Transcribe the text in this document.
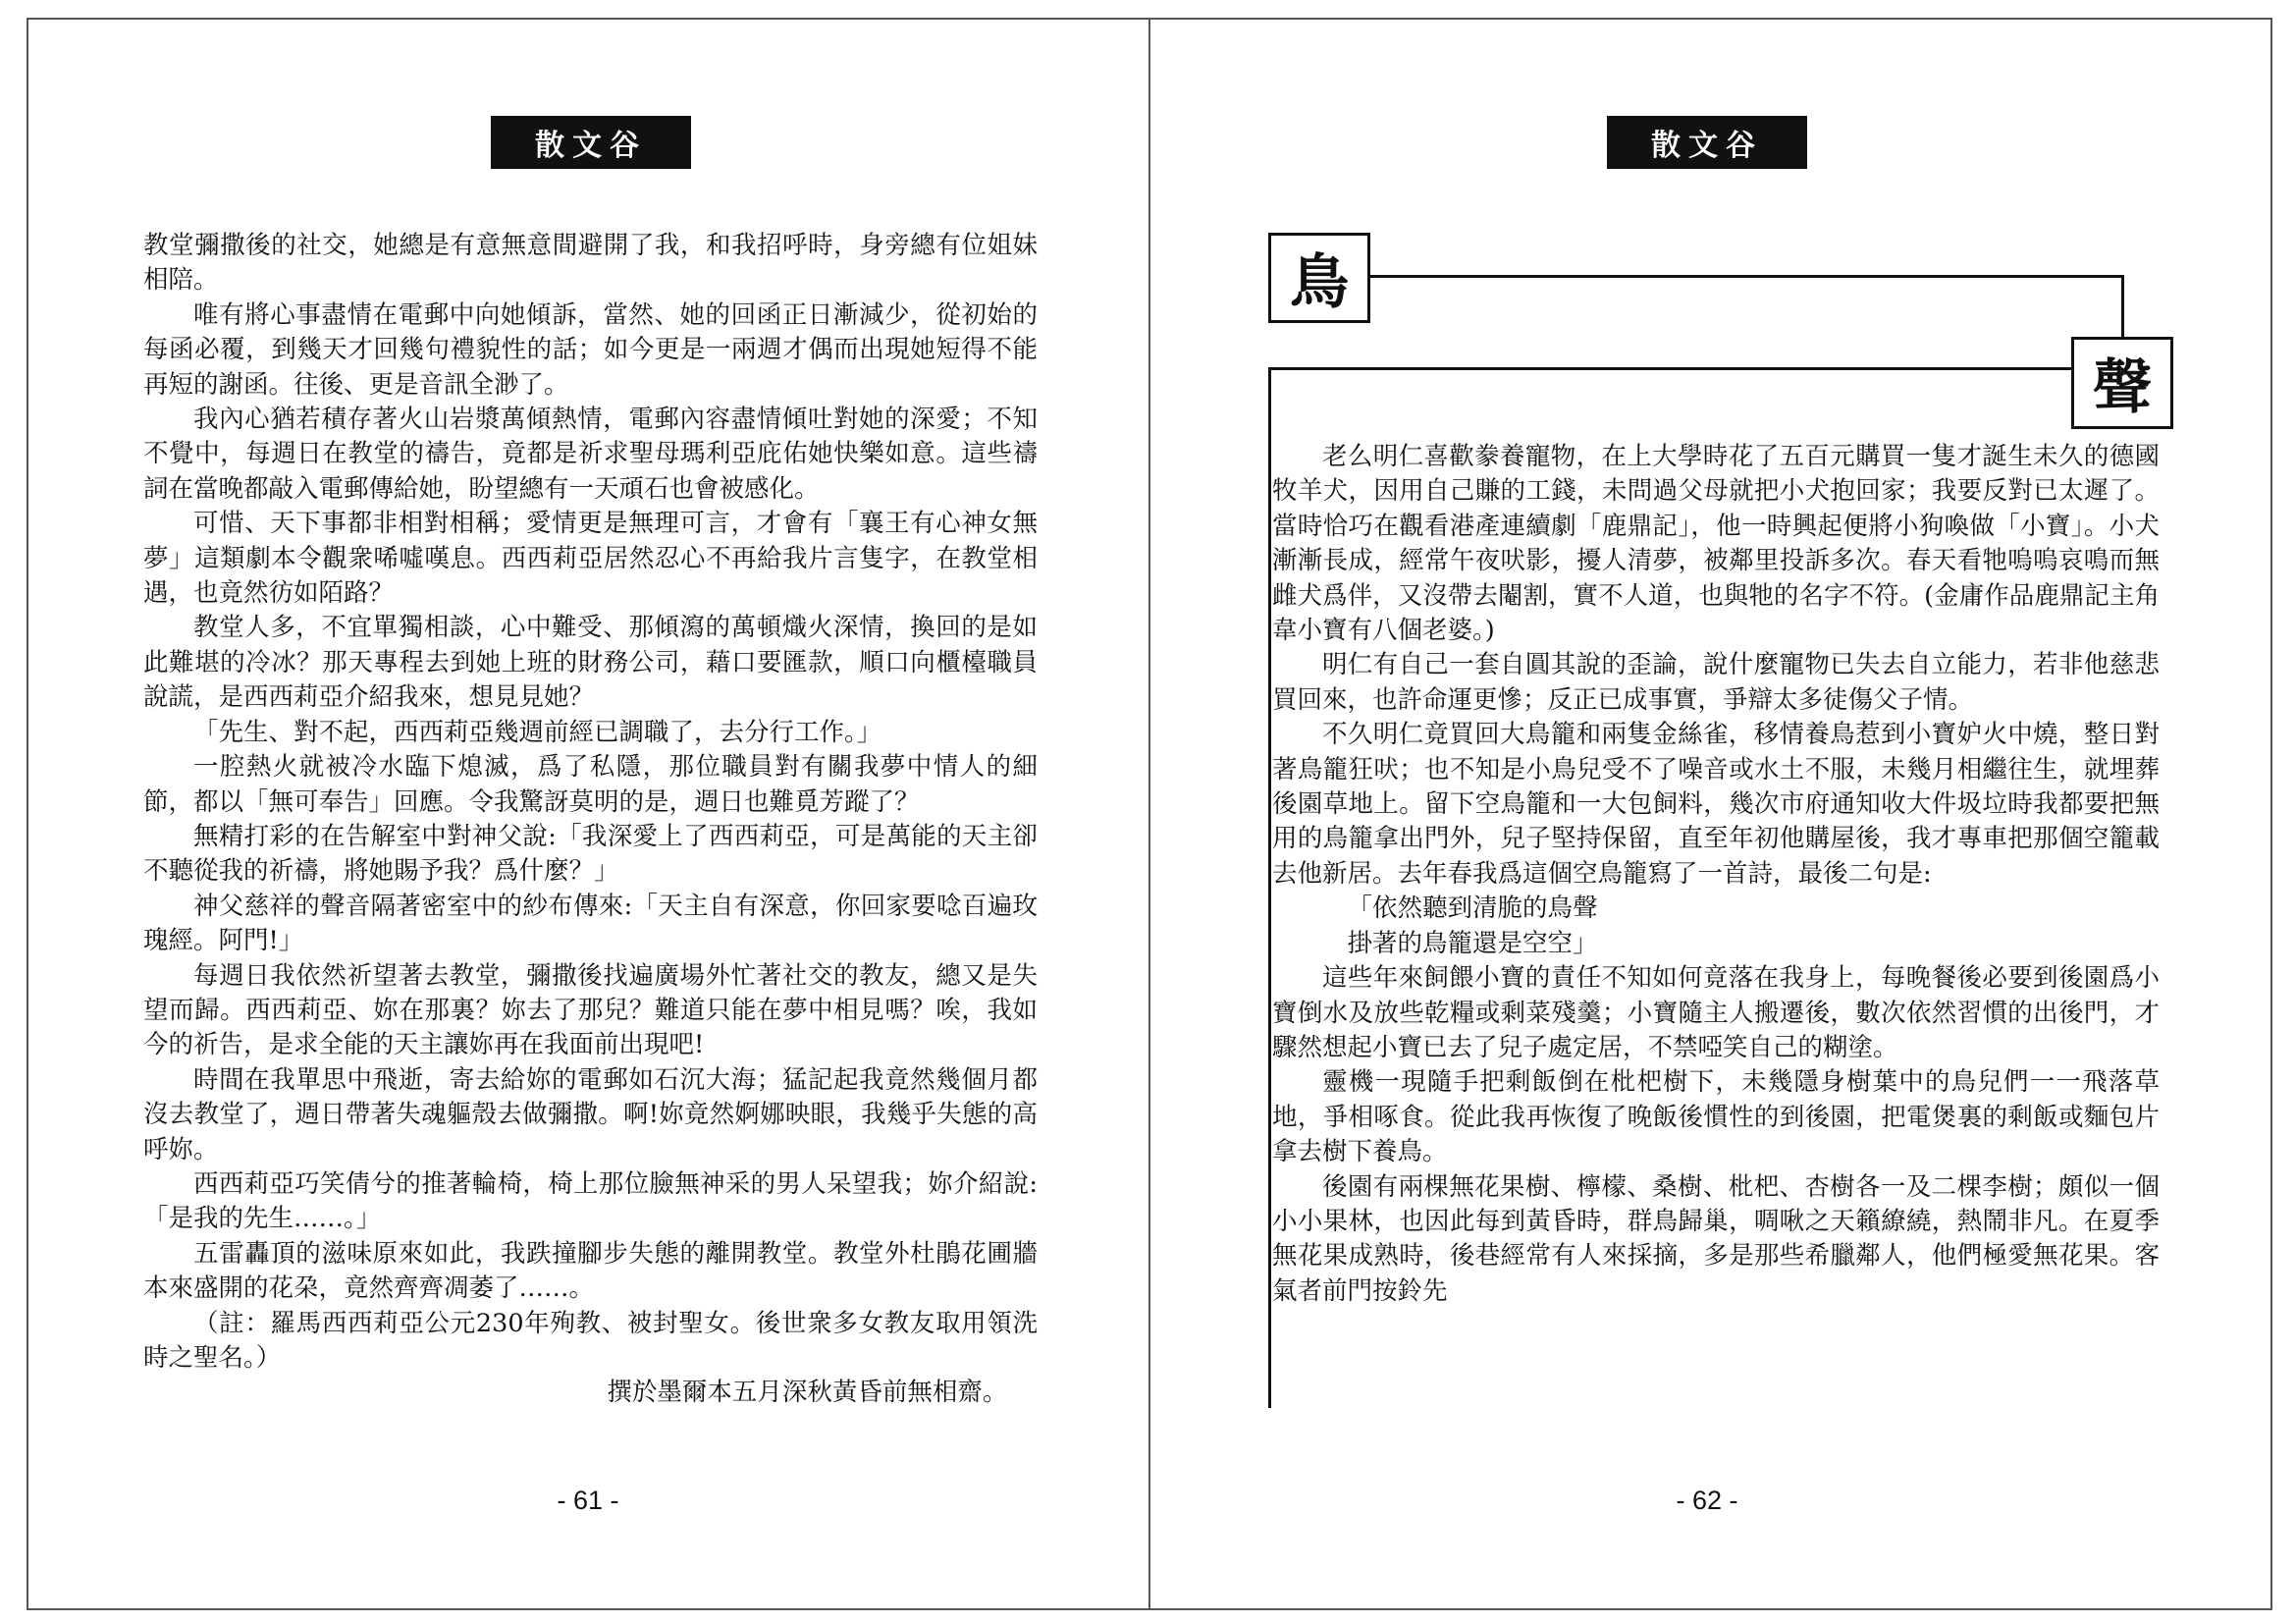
散文谷

教堂彌撒後的社交，她總是有意無意間避開了我，和我招呼時，身旁總有位姐妹相陪。

唯有將心事盡情在電郵中向她傾訴，當然、她的回函正日漸減少，從初始的每函必覆，到幾天才回幾句禮貌性的話；如今更是一兩週才偶而出現她短得不能再短的謝函。往後、更是音訊全渺了。

我內心猶若積存著火山岩漿萬傾熱情，電郵內容盡情傾吐對她的深愛；不知不覺中，每週日在教堂的禱告，竟都是祈求聖母瑪利亞庇佑她快樂如意。這些禱詞在當晚都敲入電郵傳給她，盼望總有一天頑石也會被感化。

可惜、天下事都非相對相稱；愛情更是無理可言，才會有「襄王有心神女無夢」這類劇本令觀衆唏噓嘆息。西西莉亞居然忍心不再給我片言隻字，在教堂相遇，也竟然彷如陌路？

教堂人多，不宜單獨相談，心中難受、那傾瀉的萬頓熾火深情，換回的是如此難堪的冷冰？那天專程去到她上班的財務公司，藉口要匯款，順口向櫃檯職員說謊，是西西莉亞介紹我來，想見見她？

「先生、對不起，西西莉亞幾週前經已調職了，去分行工作。」

一腔熱火就被冷水臨下熄滅，爲了私隱，那位職員對有關我夢中情人的細節，都以「無可奉告」回應。令我驚訝莫明的是，週日也難覓芳蹤了？

無精打彩的在告解室中對神父說:「我深愛上了西西莉亞，可是萬能的天主卻不聽從我的祈禱，將她賜予我？爲什麼？」

神父慈祥的聲音隔著密室中的紗布傳來:「天主自有深意，你回家要唸百遍玫瑰經。阿門!」

每週日我依然祈望著去教堂，彌撒後找遍廣場外忙著社交的教友，總又是失望而歸。西西莉亞、妳在那裏？妳去了那兒？難道只能在夢中相見嗎？唉，我如今的祈告，是求全能的天主讓妳再在我面前出現吧!

時間在我單思中飛逝，寄去給妳的電郵如石沉大海；猛記起我竟然幾個月都沒去教堂了，週日帶著失魂軀殼去做彌撒。啊!妳竟然婀娜映眼，我幾乎失態的高呼妳。

西西莉亞巧笑倩兮的推著輪椅，椅上那位臉無神采的男人呆望我；妳介紹說:「是我的先生……。」

五雷轟頂的滋味原來如此，我跌撞腳步失態的離開教堂。教堂外杜鵑花圃牆本來盛開的花朶，竟然齊齊凋萎了……。

（註：羅馬西西莉亞公元230年殉教、被封聖女。後世衆多女教友取用領洗時之聖名。）

撰於墨爾本五月深秋黃昏前無相齋。

- 61 -
散文谷
鳥
聲

老么明仁喜歡豢養寵物，在上大學時花了五百元購買一隻才誕生未久的德國牧羊犬，因用自己賺的工錢，未問過父母就把小犬抱回家；我要反對已太遲了。當時恰巧在觀看港產連續劇「鹿鼎記」，他一時興起便將小狗喚做「小寶」。小犬漸漸長成，經常午夜吠影，擾人清夢，被鄰里投訴多次。春天看牠嗚嗚哀鳴而無雌犬爲伴，又沒帶去閹割，實不人道，也與牠的名字不符。(金庸作品鹿鼎記主角韋小寶有八個老婆。)

明仁有自己一套自圓其說的歪論，說什麼寵物已失去自立能力，若非他慈悲買回來，也許命運更慘；反正已成事實，爭辯太多徒傷父子情。

不久明仁竟買回大鳥籠和兩隻金絲雀，移情養鳥惹到小寶妒火中燒，整日對著鳥籠狂吠；也不知是小鳥兒受不了噪音或水土不服，未幾月相繼往生，就埋葬後園草地上。留下空鳥籠和一大包飼料，幾次市府通知收大件圾垃時我都要把無用的鳥籠拿出門外，兒子堅持保留，直至年初他購屋後，我才專車把那個空籠載去他新居。去年春我爲這個空鳥籠寫了一首詩，最後二句是:

「依然聽到清脆的鳥聲

掛著的鳥籠還是空空」

這些年來飼餵小寶的責任不知如何竟落在我身上，每晚餐後必要到後園爲小寶倒水及放些乾糧或剩菜殘羹；小寶隨主人搬遷後，數次依然習慣的出後門，才驟然想起小寶已去了兒子處定居，不禁啞笑自己的糊塗。

靈機一現隨手把剩飯倒在枇杷樹下，未幾隱身樹葉中的鳥兒們一一飛落草地，爭相啄食。從此我再恢復了晚飯後慣性的到後園，把電煲裏的剩飯或麵包片拿去樹下養鳥。

後園有兩棵無花果樹、檸檬、桑樹、枇杷、杏樹各一及二棵李樹；頗似一個小小果林，也因此每到黃昏時，群鳥歸巢，啁啾之天籟繚繞，熱鬧非凡。在夏季無花果成熟時，後巷經常有人來採摘，多是那些希臘鄰人，他們極愛無花果。客氣者前門按鈴先

- 62 -
